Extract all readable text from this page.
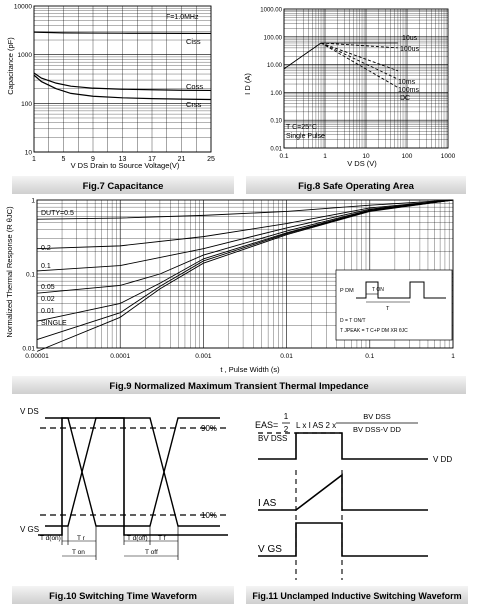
Fig.7 Capacitance	Fig.8 Safe Operating Area
Fig.9 Normalized Maximum Transient Thermal Impedance
Fig.10 Switching Time Waveform	Fig.11 Unclamped Inductive Switching Waveform
1	5	9	13	17	21	25
10000
1000
100
10
Ciss
Coss
Crss
F=1.0MHz
Capacitance (pF)
V DS Drain to Source Voltage(V)
0.1	1	10	100	1000
1000.00
100.00
10.00
1.00
0.10
0.01
10us
100us
10ms
100ms
DC
I D (A)
V DS (V)
T C=25°C
Single Pulse
0.00001	0.0001	0.001	0.01	0.1	1
1
0.1
0.01
DUTY=0.5
0.2
0.1
0.05
0.02
0.01
SINGLE
Normalized Thermal Response (R θJC)
t , Pulse Width (s)
P DM	T ON
T
D = T ON/T
T JPEAK = T C+P DM XR θJC
V DS
V GS
90%
10%
T d(on) T r
T on
T d(off) T f
T off
EAS=
1
2 L x I AS 2 x
BV DSS
BV DSS-V DD
BV DSS
V DD
I AS
V GS
